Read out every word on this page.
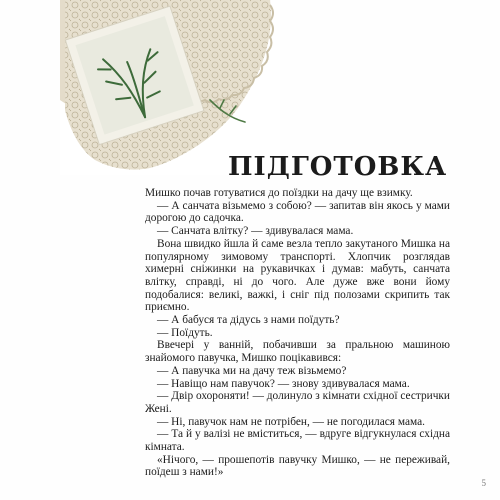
ПІДГОТОВКА

Мишко почав готуватися до поїздки на дачу ще взимку.

— А санчата візьмемо з собою? — запитав він якось у мами дорогою до садочка.

— Санчата влітку? — здивувалася мама.

Вона швидко йшла й саме везла тепло закутаного Мишка на популярному зимовому транспорті. Хлопчик розглядав химерні сніжинки на рукавичках і думав: мабуть, санчата влітку, справді, ні до чого. Але дуже вже вони йому подобалися: великі, важкі, і сніг під полозами скрипить так приємно.

— А бабуся та дідусь з нами поїдуть?

— Поїдуть.

Ввечері у ванній, побачивши за пральною машиною знайомого павучка, Мишко поцікавився:

— А павучка ми на дачу теж візьмемо?

— Навіщо нам павучок? — знову здивувалася мама.

— Двір охороняти! — долинуло з кімнати східної сестрички Жені.

— Ні, павучок нам не потрібен, — не погодилася мама.

— Та й у валізі не вміститься, — вдруге відгукнулася східна кімната.

«Нічого, — прошепотів павучку Мишко, — не переживай, поїдеш з нами!»

5
